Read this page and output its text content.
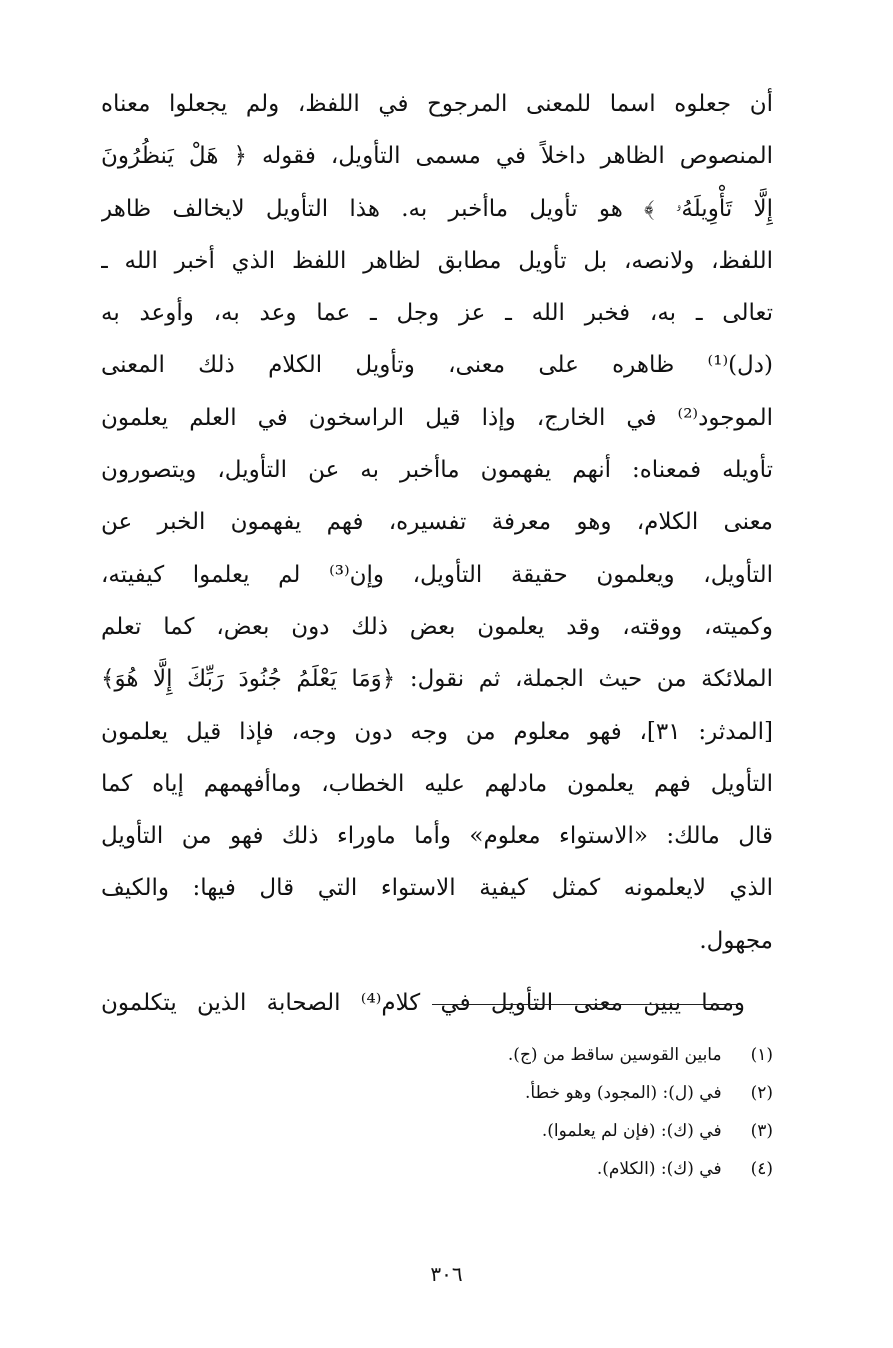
أن جعلوه اسما للمعنى المرجوح في اللفظ، ولم يجعلوا معناه
المنصوص الظاهر داخلاً في مسمى التأويل، فقوله ﴿ هَلْ يَنظُرُونَ
إِلَّا تَأْوِيلَهُۥ ﴾ هو تأويل ماأخبر به. هذا التأويل لايخالف ظاهر
اللفظ، ولانصه، بل تأويل مطابق لظاهر اللفظ الذي أخبر الله ـ
تعالى ـ به، فخبر الله ـ عز وجل ـ عما وعد به، وأوعد به
(دل)⁽¹⁾ ظاهره على معنى، وتأويل الكلام ذلك المعنى
الموجود⁽²⁾ في الخارج، وإذا قيل الراسخون في العلم يعلمون
تأويله فمعناه: أنهم يفهمون ماأخبر به عن التأويل، ويتصورون
معنى الكلام، وهو معرفة تفسيره، فهم يفهمون الخبر عن
التأويل، ويعلمون حقيقة التأويل، وإن⁽³⁾ لم يعلموا كيفيته،
وكميته، ووقته، وقد يعلمون بعض ذلك دون بعض، كما تعلم
الملائكة من حيث الجملة، ثم نقول: ﴿وَمَا يَعْلَمُ جُنُودَ رَبِّكَ إِلَّا هُوَ﴾
[المدثر: ٣١]، فهو معلوم من وجه دون وجه، فإذا قيل يعلمون
التأويل فهم يعلمون مادلهم عليه الخطاب، وماأفهمهم إياه كما
قال مالك: «الاستواء معلوم» وأما ماوراء ذلك فهو من التأويل
الذي لايعلمونه كمثل كيفية الاستواء التي قال فيها: والكيف
مجهول.
ومما يبين معنى التأويل في كلام⁽⁴⁾ الصحابة الذين يتكلمون
(١) مابين القوسين ساقط من (ج).
(٢) في (ل): (المجود) وهو خطأ.
(٣) في (ك): (فإن لم يعلموا).
(٤) في (ك): (الكلام).
٣٠٦
